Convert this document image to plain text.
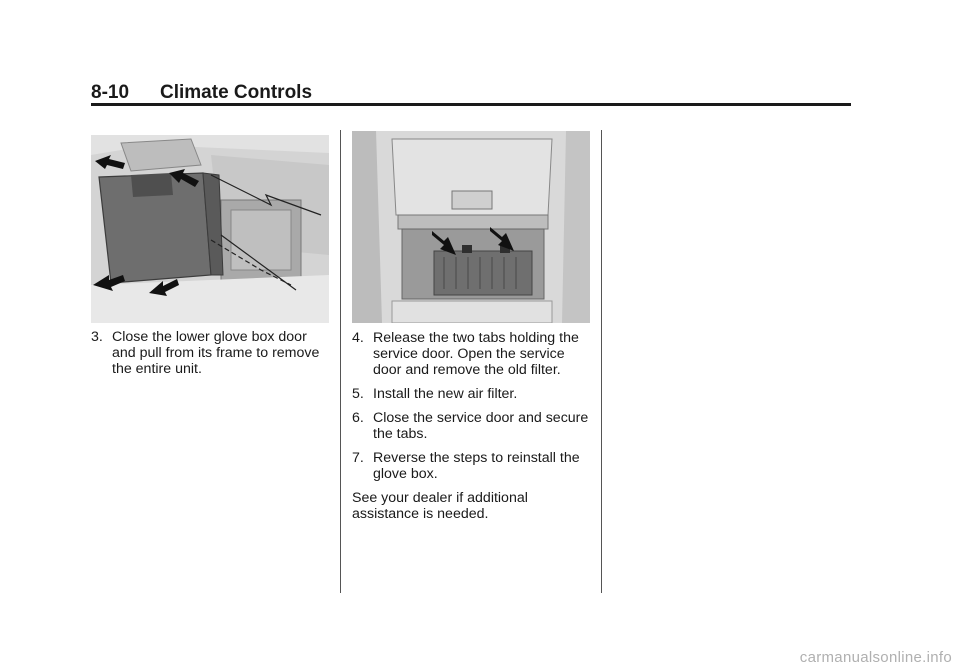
8-10 Climate Controls
3. Close the lower glove box door and pull from its frame to remove the entire unit.
4. Release the two tabs holding the service door. Open the service door and remove the old filter.
5. Install the new air filter.
6. Close the service door and secure the tabs.
7. Reverse the steps to reinstall the glove box.
See your dealer if additional assistance is needed.
carmanualsonline.info
